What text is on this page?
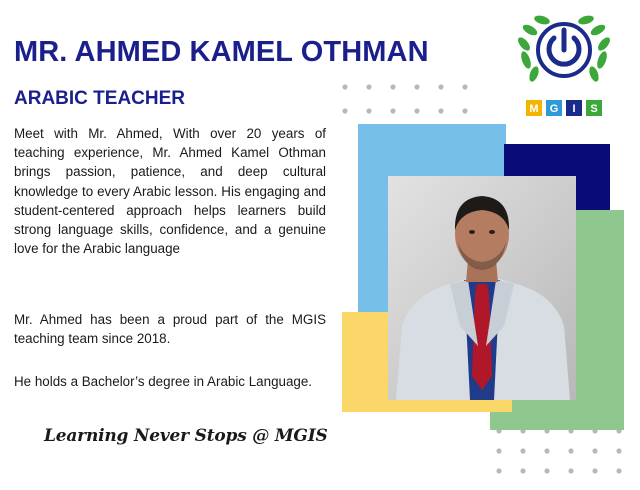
MR. AHMED KAMEL OTHMAN
ARABIC TEACHER

Meet with Mr. Ahmed, With over 20 years of teaching experience, Mr. Ahmed Kamel Othman brings passion, patience, and deep cultural knowledge to every Arabic lesson. His engaging and student-centered approach helps learners build strong language skills, confidence, and a genuine love for the Arabic language

Mr. Ahmed has been a proud part of the MGIS teaching team since 2018.

He holds a Bachelor’s degree in Arabic Language.

Learning Never Stops @ MGIS
M G I S
